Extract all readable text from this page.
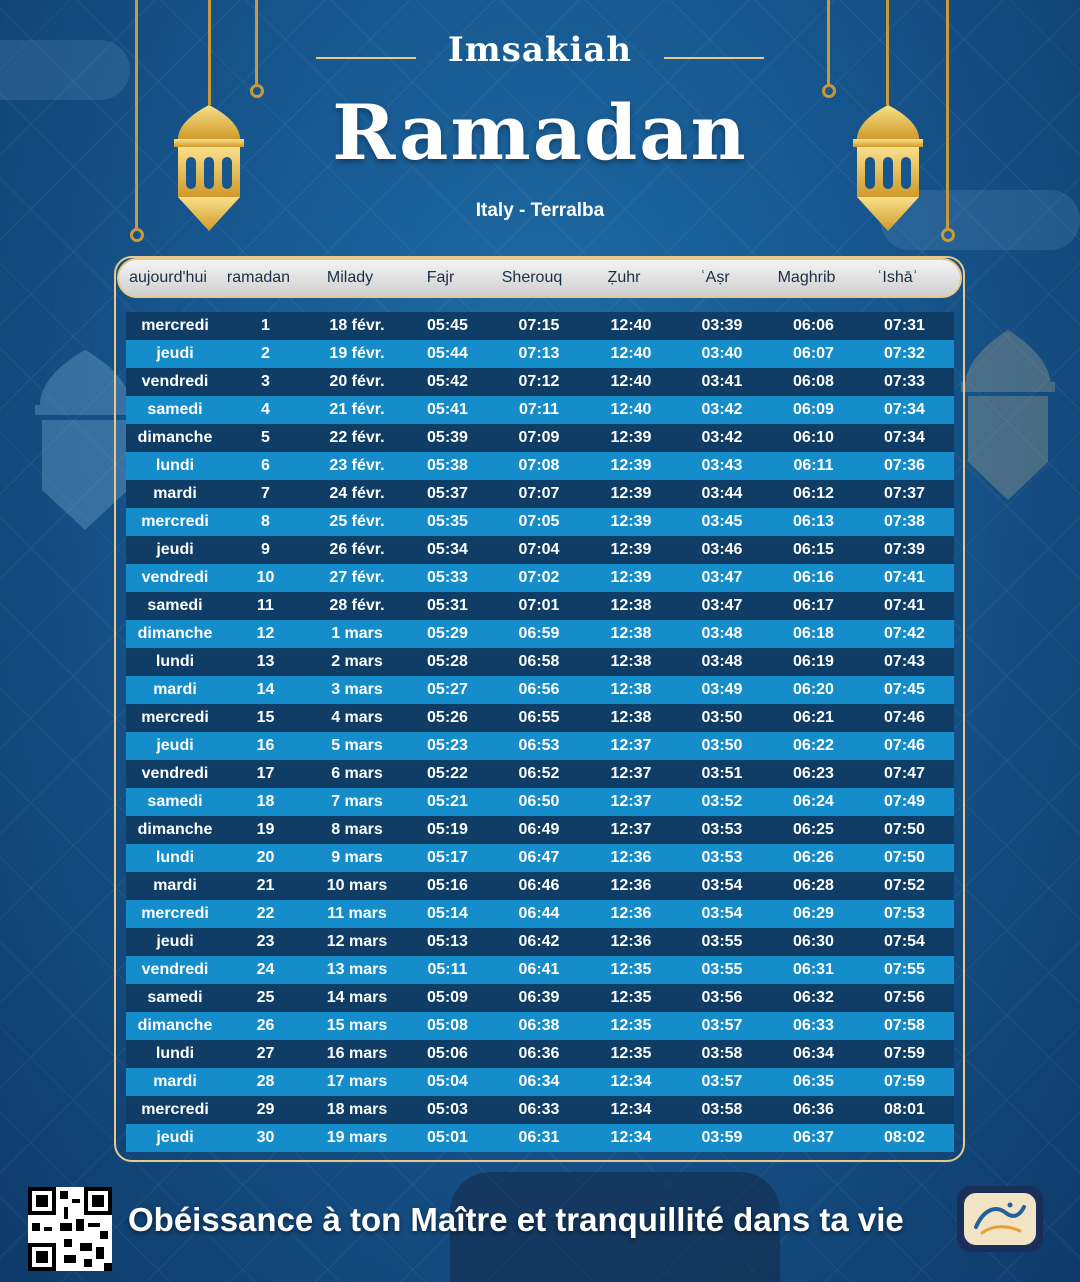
Imsakiah
Ramadan
Italy - Terralba
aujourd'hui	ramadan	Milady	Fajr	Sherouq	Ẓuhr	ʿAṣr	Maghrib	ʿIshāʾ
mercredi	1	18 févr.	05:45	07:15	12:40	03:39	06:06	07:31
jeudi	2	19 févr.	05:44	07:13	12:40	03:40	06:07	07:32
vendredi	3	20 févr.	05:42	07:12	12:40	03:41	06:08	07:33
samedi	4	21 févr.	05:41	07:11	12:40	03:42	06:09	07:34
dimanche	5	22 févr.	05:39	07:09	12:39	03:42	06:10	07:34
lundi	6	23 févr.	05:38	07:08	12:39	03:43	06:11	07:36
mardi	7	24 févr.	05:37	07:07	12:39	03:44	06:12	07:37
mercredi	8	25 févr.	05:35	07:05	12:39	03:45	06:13	07:38
jeudi	9	26 févr.	05:34	07:04	12:39	03:46	06:15	07:39
vendredi	10	27 févr.	05:33	07:02	12:39	03:47	06:16	07:41
samedi	11	28 févr.	05:31	07:01	12:38	03:47	06:17	07:41
dimanche	12	1 mars	05:29	06:59	12:38	03:48	06:18	07:42
lundi	13	2 mars	05:28	06:58	12:38	03:48	06:19	07:43
mardi	14	3 mars	05:27	06:56	12:38	03:49	06:20	07:45
mercredi	15	4 mars	05:26	06:55	12:38	03:50	06:21	07:46
jeudi	16	5 mars	05:23	06:53	12:37	03:50	06:22	07:46
vendredi	17	6 mars	05:22	06:52	12:37	03:51	06:23	07:47
samedi	18	7 mars	05:21	06:50	12:37	03:52	06:24	07:49
dimanche	19	8 mars	05:19	06:49	12:37	03:53	06:25	07:50
lundi	20	9 mars	05:17	06:47	12:36	03:53	06:26	07:50
mardi	21	10 mars	05:16	06:46	12:36	03:54	06:28	07:52
mercredi	22	11 mars	05:14	06:44	12:36	03:54	06:29	07:53
jeudi	23	12 mars	05:13	06:42	12:36	03:55	06:30	07:54
vendredi	24	13 mars	05:11	06:41	12:35	03:55	06:31	07:55
samedi	25	14 mars	05:09	06:39	12:35	03:56	06:32	07:56
dimanche	26	15 mars	05:08	06:38	12:35	03:57	06:33	07:58
lundi	27	16 mars	05:06	06:36	12:35	03:58	06:34	07:59
mardi	28	17 mars	05:04	06:34	12:34	03:57	06:35	07:59
mercredi	29	18 mars	05:03	06:33	12:34	03:58	06:36	08:01
jeudi	30	19 mars	05:01	06:31	12:34	03:59	06:37	08:02
Obéissance à ton Maître et tranquillité dans ta vie
